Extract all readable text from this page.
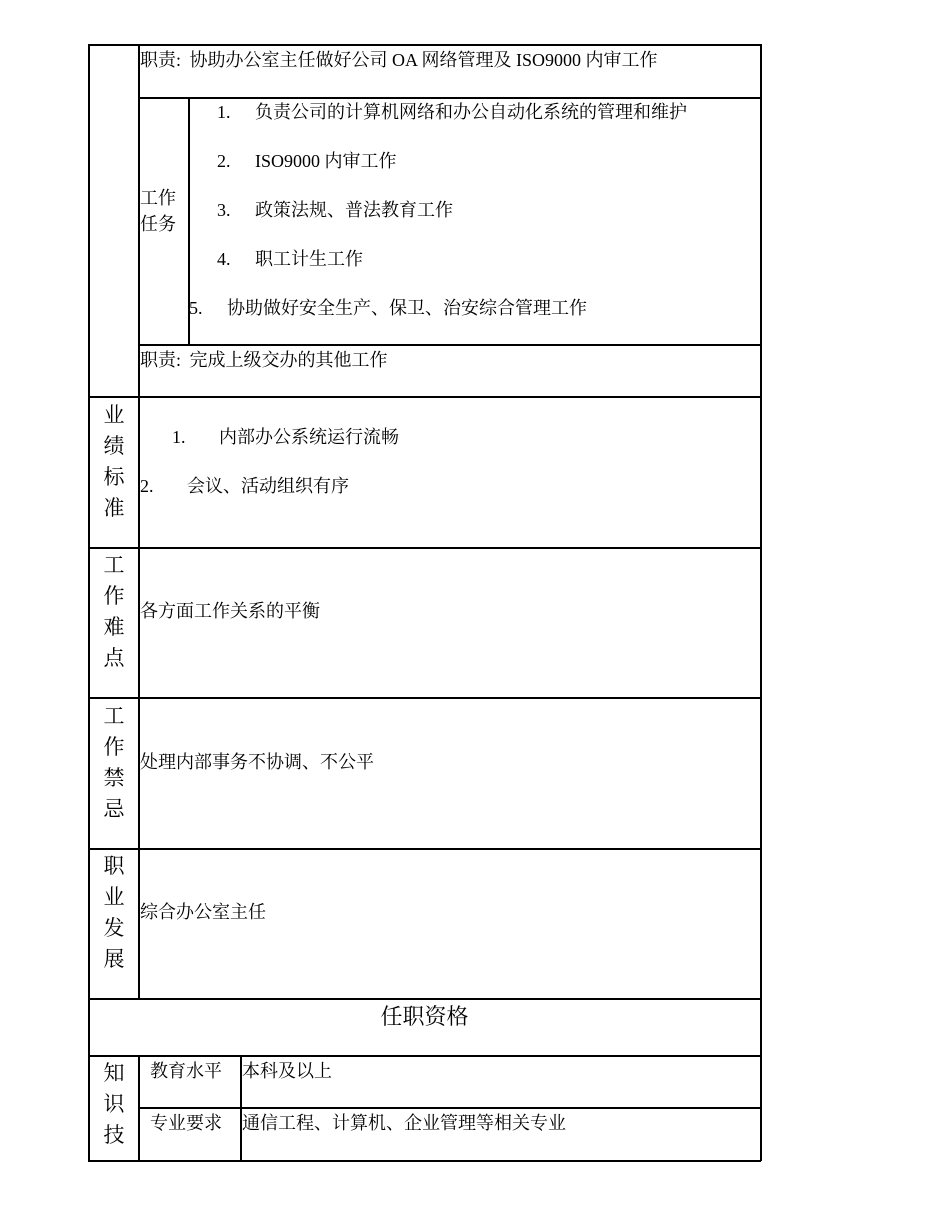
职责: 协助办公室主任做好公司 OA 网络管理及 ISO9000 内审工作
工作
任务
1. 负责公司的计算机网络和办公自动化系统的管理和维护
2. ISO9000 内审工作
3. 政策法规、普法教育工作
4. 职工计生工作
5. 协助做好安全生产、保卫、治安综合管理工作
职责: 完成上级交办的其他工作
业
绩
标
准
1. 内部办公系统运行流畅
2. 会议、活动组织有序
工
作
难
点
各方面工作关系的平衡
工
作
禁
忌
处理内部事务不协调、不公平
职
业
发
展
综合办公室主任
任职资格
知
识
技
教育水平 本科及以上
专业要求 通信工程、计算机、企业管理等相关专业
